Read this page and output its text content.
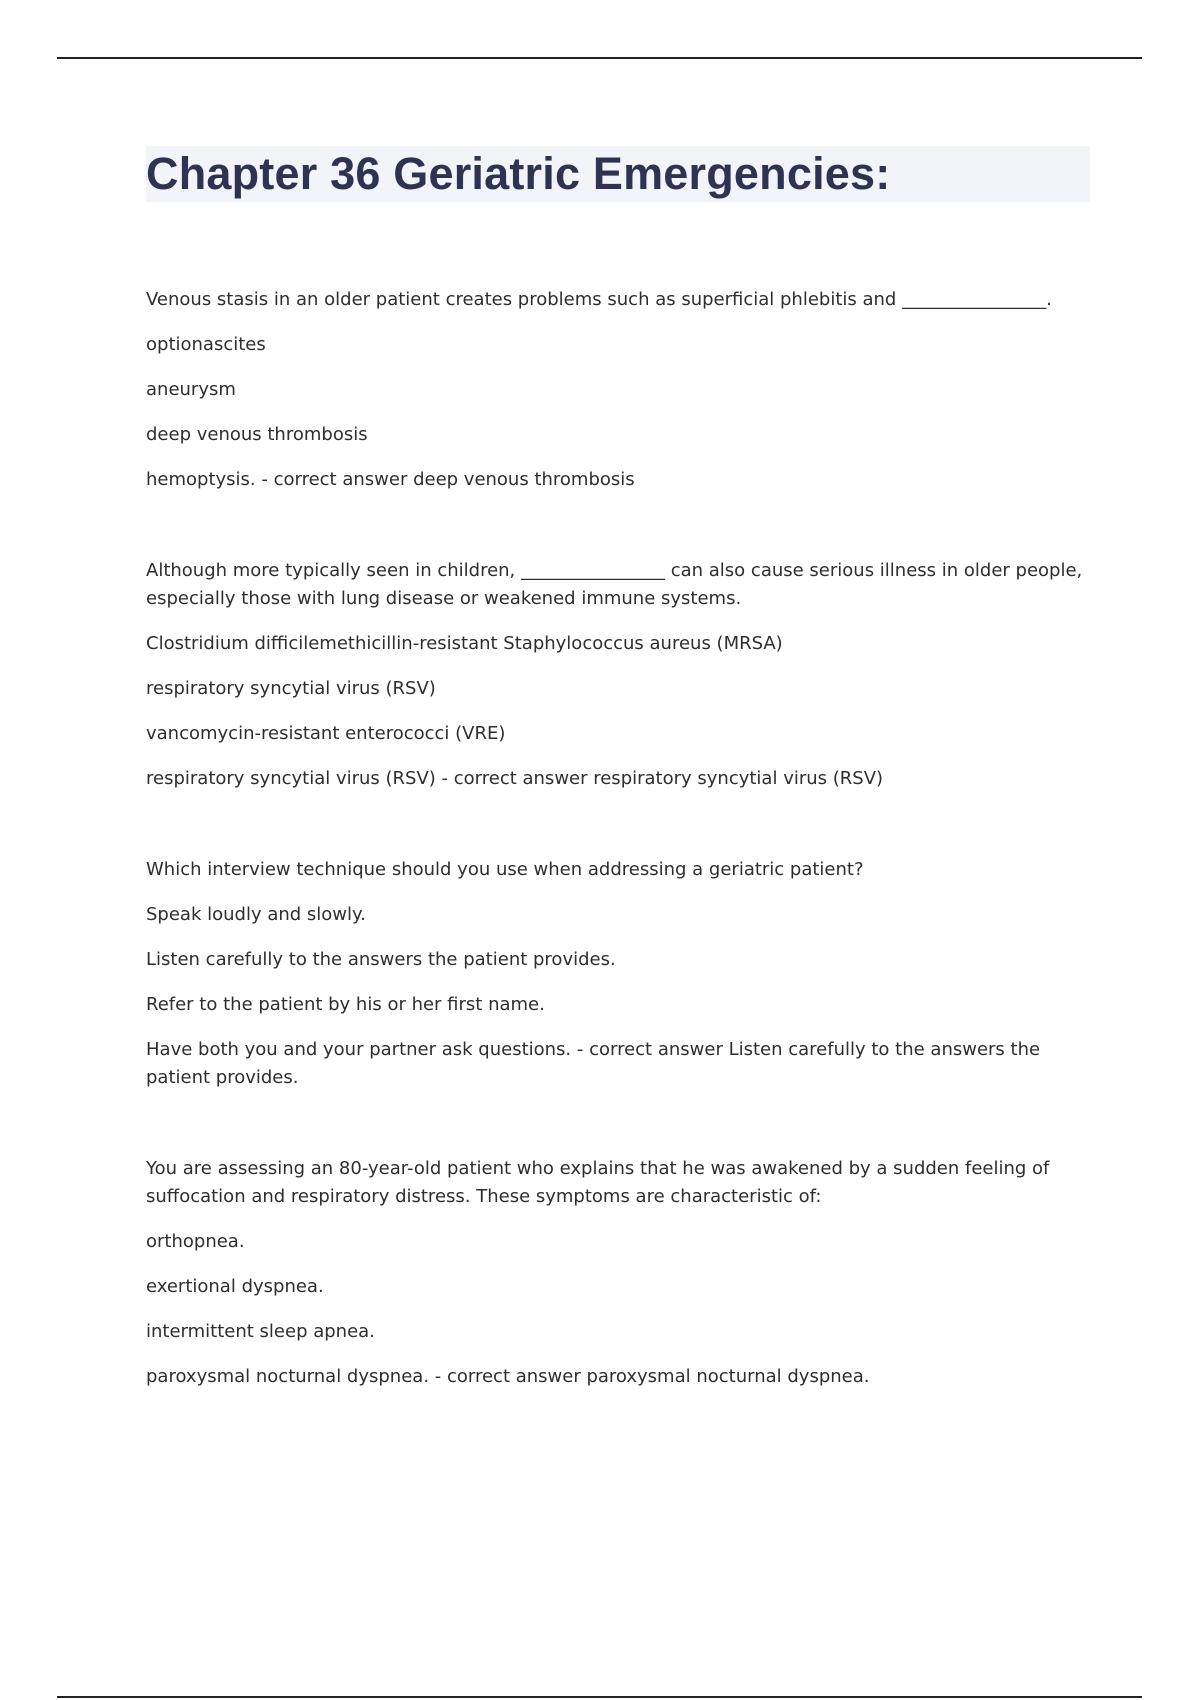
Chapter 36 Geriatric Emergencies:

Venous stasis in an older patient creates problems such as superficial phlebitis and ________________.

optionascites

aneurysm

deep venous thrombosis

hemoptysis. - correct answer deep venous thrombosis

Although more typically seen in children, ________________ can also cause serious illness in older people, especially those with lung disease or weakened immune systems.

Clostridium difficilemethicillin-resistant Staphylococcus aureus (MRSA)

respiratory syncytial virus (RSV)

vancomycin-resistant enterococci (VRE)

respiratory syncytial virus (RSV) - correct answer respiratory syncytial virus (RSV)

Which interview technique should you use when addressing a geriatric patient?

Speak loudly and slowly.

Listen carefully to the answers the patient provides.

Refer to the patient by his or her first name.

Have both you and your partner ask questions. - correct answer Listen carefully to the answers the patient provides.

You are assessing an 80-year-old patient who explains that he was awakened by a sudden feeling of suffocation and respiratory distress. These symptoms are characteristic of:

orthopnea.

exertional dyspnea.

intermittent sleep apnea.

paroxysmal nocturnal dyspnea. - correct answer paroxysmal nocturnal dyspnea.
